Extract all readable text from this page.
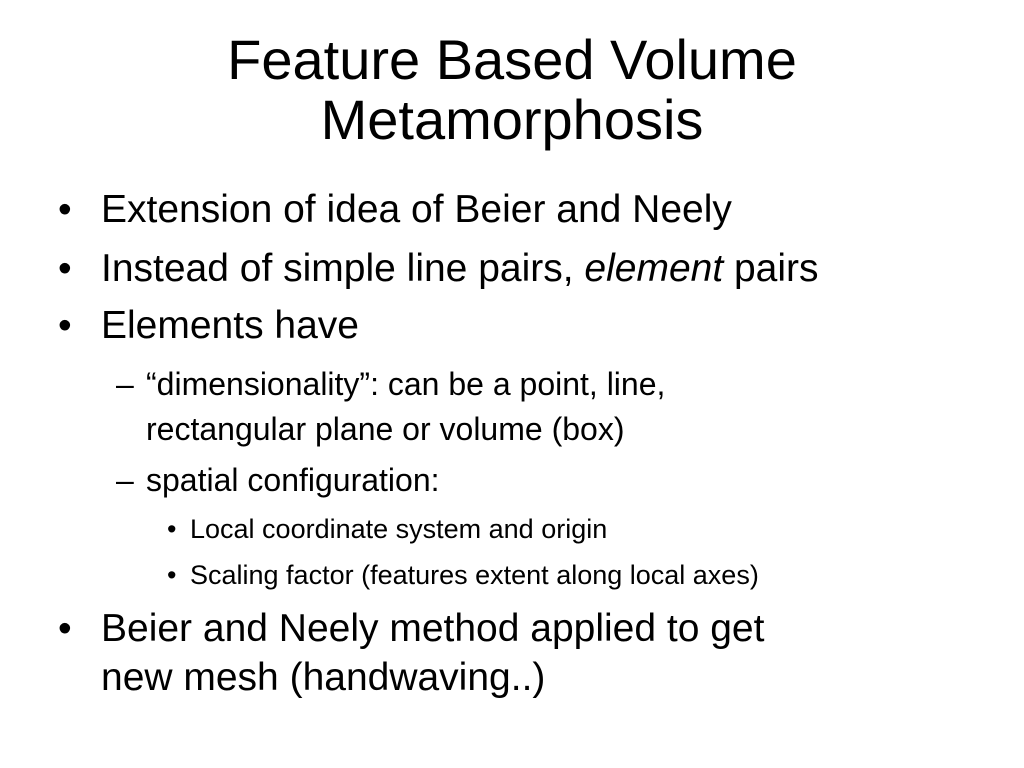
Feature Based Volume
Metamorphosis
• Extension of idea of Beier and Neely
• Instead of simple line pairs, element pairs
• Elements have
– “dimensionality”: can be a point, line,
rectangular plane or volume (box)
– spatial configuration:
• Local coordinate system and origin
• Scaling factor (features extent along local axes)
• Beier and Neely method applied to get
new mesh (handwaving..)
